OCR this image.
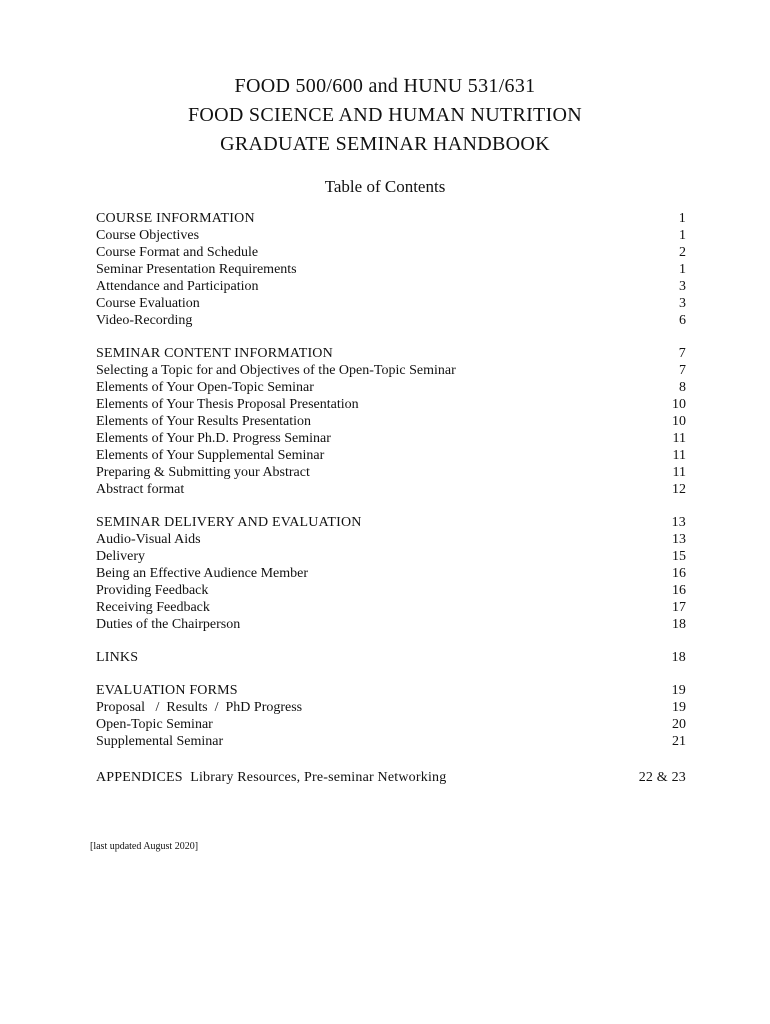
FOOD 500/600 and HUNU 531/631
FOOD SCIENCE AND HUMAN NUTRITION
GRADUATE SEMINAR HANDBOOK
Table of Contents
COURSE INFORMATION	1
Course Objectives	1
Course Format and Schedule	2
Seminar Presentation Requirements	1
Attendance and Participation	3
Course Evaluation	3
Video-Recording	6
SEMINAR CONTENT INFORMATION	7
Selecting a Topic for and Objectives of the Open-Topic Seminar	7
Elements of Your Open-Topic Seminar	8
Elements of Your Thesis Proposal Presentation	10
Elements of Your Results Presentation	10
Elements of Your Ph.D. Progress Seminar	11
Elements of Your Supplemental Seminar	11
Preparing & Submitting your Abstract	11
Abstract format	12
SEMINAR DELIVERY AND EVALUATION	13
Audio-Visual Aids	13
Delivery	15
Being an Effective Audience Member	16
Providing Feedback	16
Receiving Feedback	17
Duties of the Chairperson	18
LINKS	18
EVALUATION FORMS	19
Proposal   /  Results  /  PhD Progress	19
Open-Topic Seminar	20
Supplemental Seminar	21
APPENDICES  Library Resources, Pre-seminar Networking	22 & 23
[last updated August 2020]
